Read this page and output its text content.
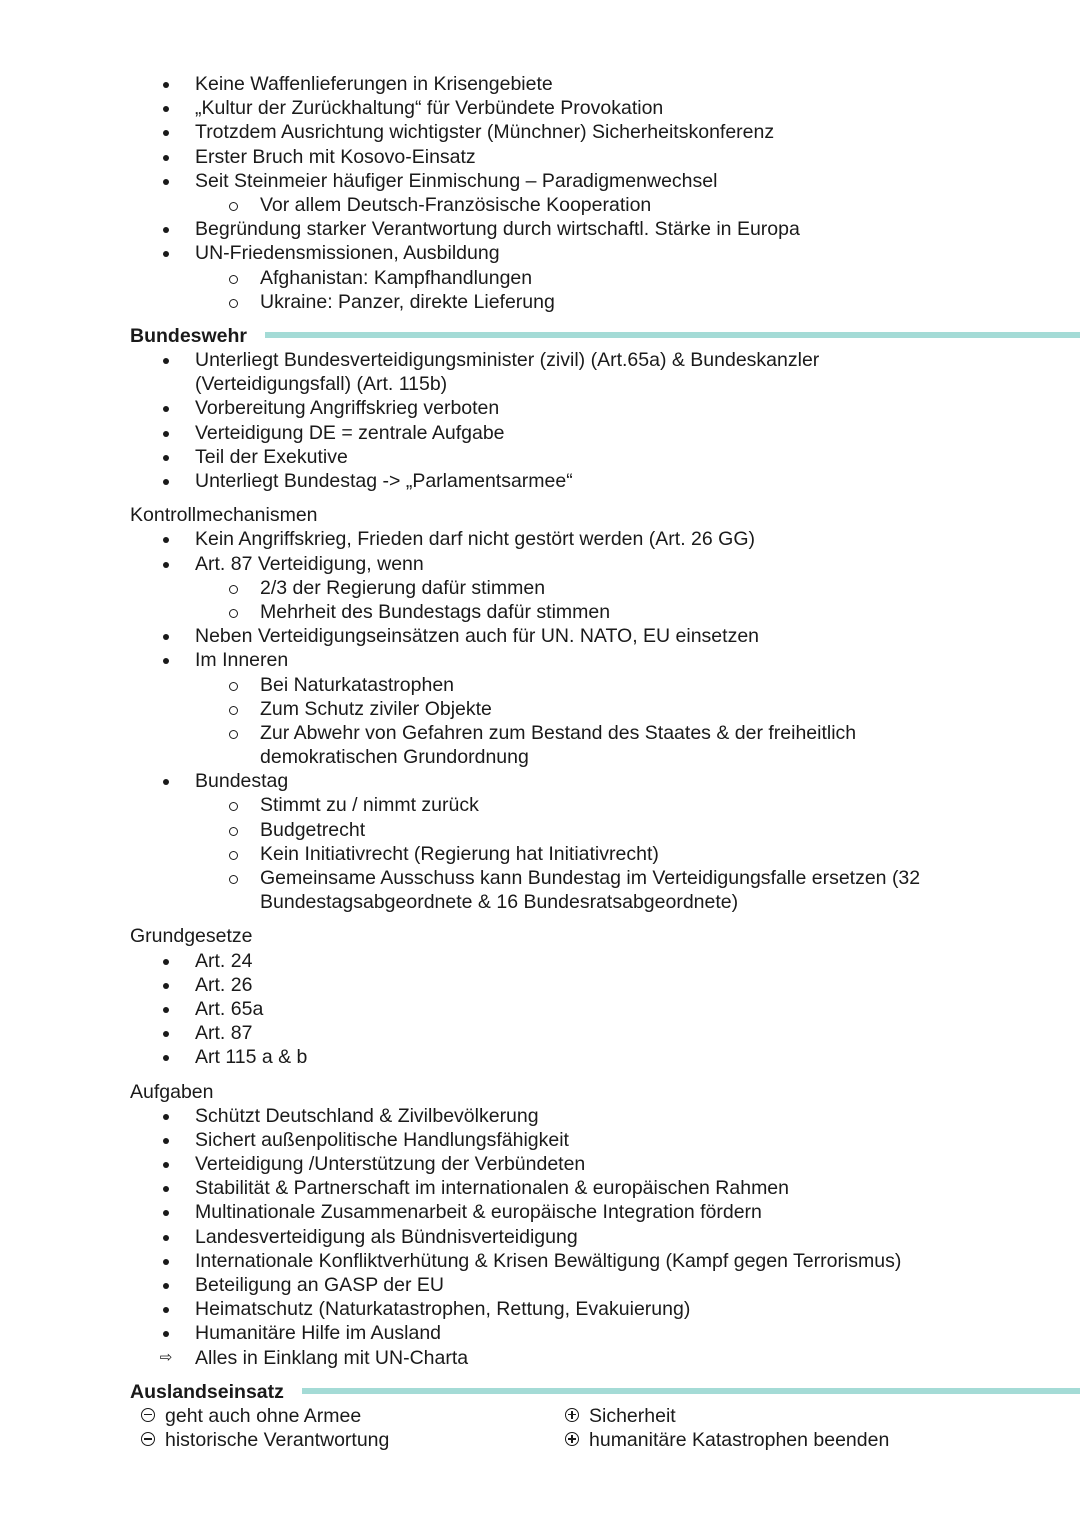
Keine Waffenlieferungen in Krisengebiete
„Kultur der Zurückhaltung“ für Verbündete Provokation
Trotzdem Ausrichtung wichtigster (Münchner) Sicherheitskonferenz
Erster Bruch mit Kosovo-Einsatz
Seit Steinmeier häufiger Einmischung – Paradigmenwechsel
Vor allem Deutsch-Französische Kooperation
Begründung starker Verantwortung durch wirtschaftl. Stärke in Europa
UN-Friedensmissionen, Ausbildung
Afghanistan: Kampfhandlungen
Ukraine: Panzer, direkte Lieferung
Bundeswehr
Unterliegt Bundesverteidigungsminister (zivil) (Art.65a) & Bundeskanzler
(Verteidigungsfall) (Art. 115b)
Vorbereitung Angriffskrieg verboten
Verteidigung DE = zentrale Aufgabe
Teil der Exekutive
Unterliegt Bundestag -> „Parlamentsarmee“
Kontrollmechanismen
Kein Angriffskrieg, Frieden darf nicht gestört werden (Art. 26 GG)
Art. 87 Verteidigung, wenn
2/3 der Regierung dafür stimmen
Mehrheit des Bundestags dafür stimmen
Neben Verteidigungseinsätzen auch für UN. NATO, EU einsetzen
Im Inneren
Bei Naturkatastrophen
Zum Schutz ziviler Objekte
Zur Abwehr von Gefahren zum Bestand des Staates & der freiheitlich
demokratischen Grundordnung
Bundestag
Stimmt zu / nimmt zurück
Budgetrecht
Kein Initiativrecht (Regierung hat Initiativrecht)
Gemeinsame Ausschuss kann Bundestag im Verteidigungsfalle ersetzen (32
Bundestagsabgeordnete & 16 Bundesratsabgeordnete)
Grundgesetze
Art. 24
Art. 26
Art. 65a
Art. 87
Art 115 a & b
Aufgaben
Schützt Deutschland & Zivilbevölkerung
Sichert außenpolitische Handlungsfähigkeit
Verteidigung /Unterstützung der Verbündeten
Stabilität & Partnerschaft im internationalen & europäischen Rahmen
Multinationale Zusammenarbeit & europäische Integration fördern
Landesverteidigung als Bündnisverteidigung
Internationale Konfliktverhütung & Krisen Bewältigung (Kampf gegen Terrorismus)
Beteiligung an GASP der EU
Heimatschutz (Naturkatastrophen, Rettung, Evakuierung)
Humanitäre Hilfe im Ausland
⇨ Alles in Einklang mit UN-Charta
Auslandseinsatz
geht auch ohne Armee
historische Verantwortung
Sicherheit
humanitäre Katastrophen beenden
